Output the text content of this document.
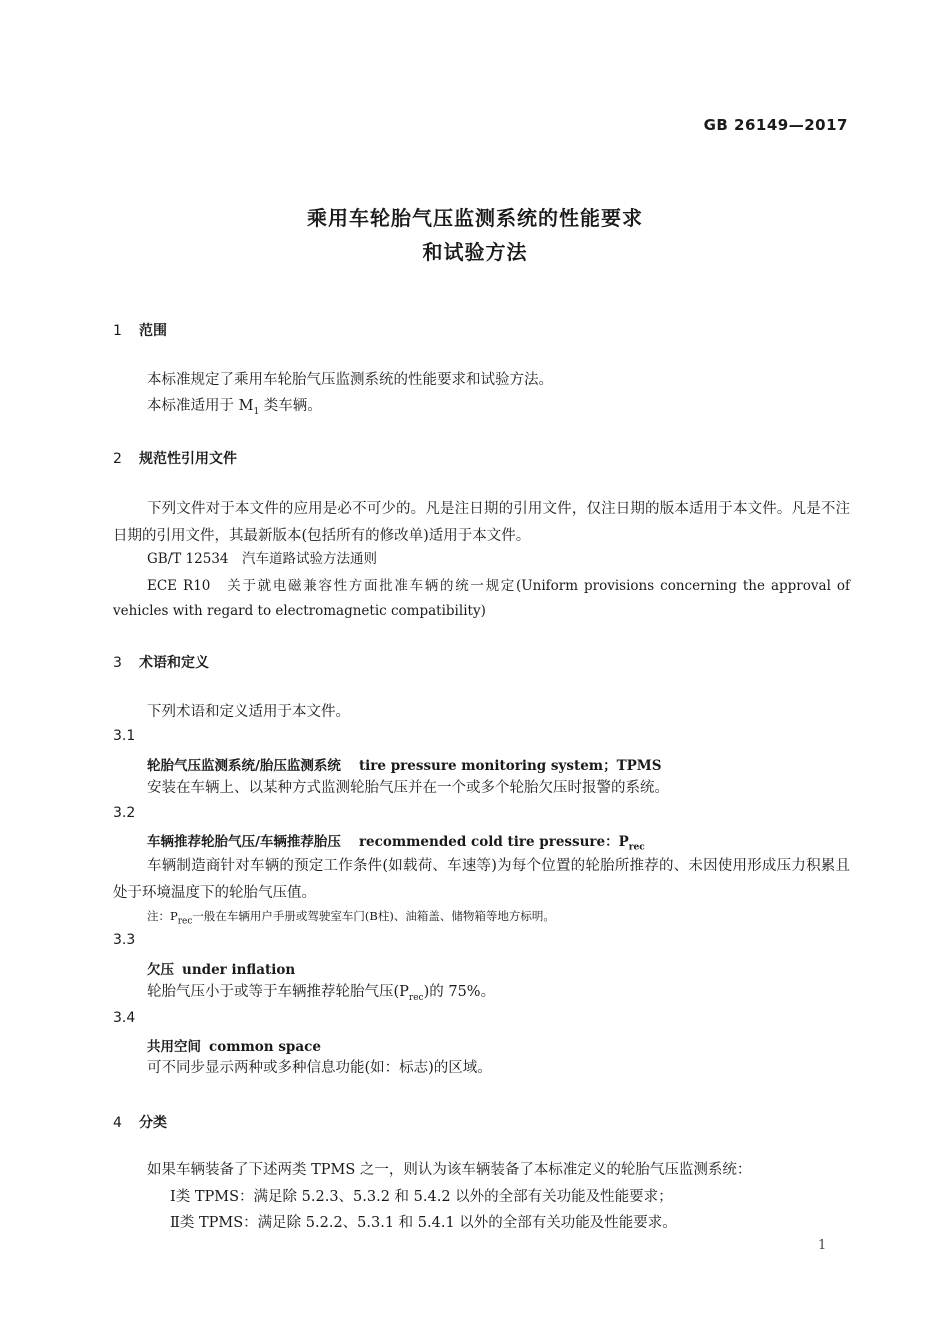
GB 26149—2017
乘用车轮胎气压监测系统的性能要求
和试验方法
1 范围
本标准规定了乘用车轮胎气压监测系统的性能要求和试验方法。
本标准适用于 $M_1$ 类车辆。
2 规范性引用文件
下列文件对于本文件的应用是必不可少的。凡是注日期的引用文件，仅注日期的版本适用于本文件。凡是不注日期的引用文件，其最新版本(包括所有的修改单)适用于本文件。
GB/T 12534　汽车道路试验方法通则
ECE R10　关于就电磁兼容性方面批准车辆的统一规定(Uniform provisions concerning the approval of vehicles with regard to electromagnetic compatibility)
3 术语和定义
下列术语和定义适用于本文件。
3.1
轮胎气压监测系统/胎压监测系统 tire pressure monitoring system；TPMS
安装在车辆上、以某种方式监测轮胎气压并在一个或多个轮胎欠压时报警的系统。
3.2
车辆推荐轮胎气压/车辆推荐胎压 recommended cold tire pressure：$P_{rec}$
车辆制造商针对车辆的预定工作条件(如载荷、车速等)为每个位置的轮胎所推荐的、未因使用形成压力积累且处于环境温度下的轮胎气压值。
注：$P_{rec}$一般在车辆用户手册或驾驶室车门(B柱)、油箱盖、储物箱等地方标明。
3.3
欠压 under inflation
轮胎气压小于或等于车辆推荐轮胎气压$(P_{rec})$的 75%。
3.4
共用空间 common space
可不同步显示两种或多种信息功能(如：标志)的区域。
4 分类
如果车辆装备了下述两类 TPMS 之一，则认为该车辆装备了本标准定义的轮胎气压监测系统：
Ⅰ类 TPMS：满足除 5.2.3、5.3.2 和 5.4.2 以外的全部有关功能及性能要求；
Ⅱ类 TPMS：满足除 5.2.2、5.3.1 和 5.4.1 以外的全部有关功能及性能要求。
1
